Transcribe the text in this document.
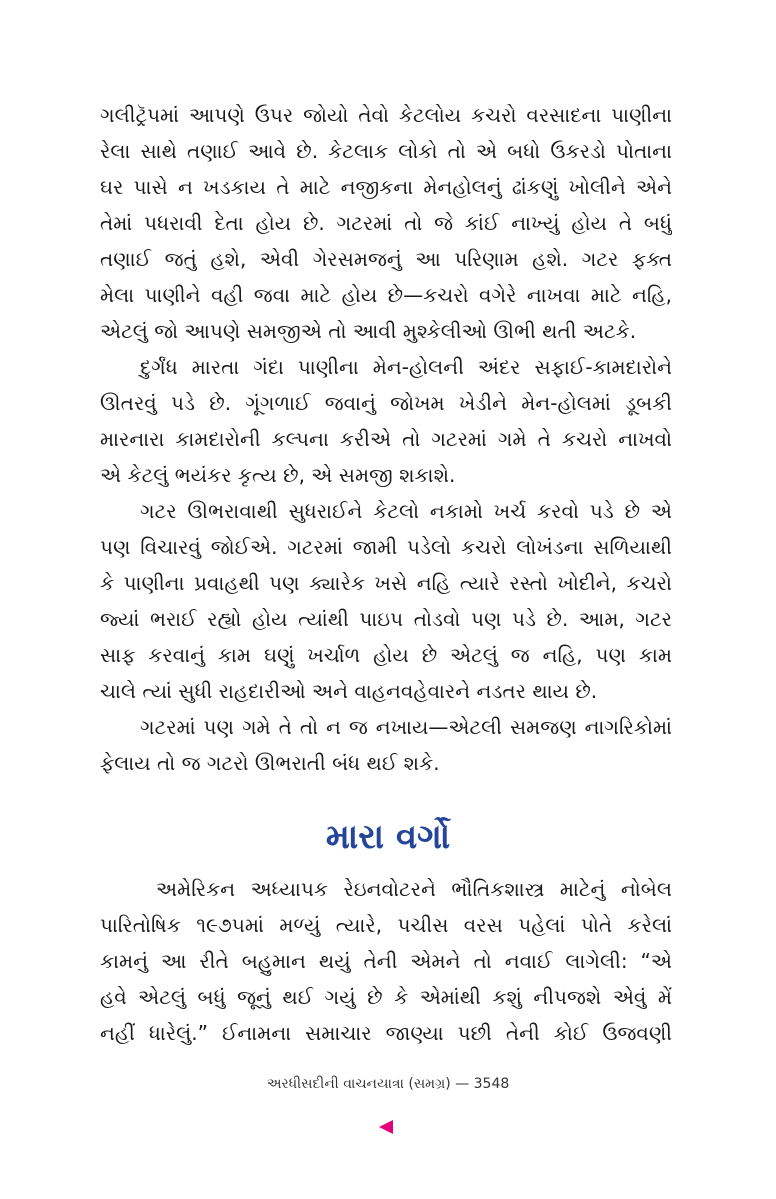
ગલીટ્રૅપમાં આપણે ઉપર જોયો તેવો કેટલોય કચરો વરસાદના પાણીના
રેલા સાથે તણાઈ આવે છે. કેટલાક લોકો તો એ બધો ઉકરડો પોતાના
ઘર પાસે ન ખડકાય તે માટે નજીકના મેનહોલનું ઢાંકણું ખોલીને એને
તેમાં પધરાવી દેતા હોય છે. ગટરમાં તો જે કાંઈ નાખ્યું હોય તે બધું
તણાઈ જતું હશે, એવી ગેરસમજનું આ પરિણામ હશે. ગટર ફક્ત
મેલા પાણીને વહી જવા માટે હોય છે—કચરો વગેરે નાખવા માટે નહિ,
એટલું જો આપણે સમજીએ તો આવી મુશ્કેલીઓ ઊભી થતી અટકે.
દુર્ગંધ મારતા ગંદા પાણીના મેન-હોલની અંદર સફાઈ-કામદારોને
ઊતરવું પડે છે. ગૂંગળાઈ જવાનું જોખમ ખેડીને મેન-હોલમાં ડૂબકી
મારનારા કામદારોની કલ્પના કરીએ તો ગટરમાં ગમે તે કચરો નાખવો
એ કેટલું ભયંકર કૃત્ય છે, એ સમજી શકાશે.
ગટર ઊભરાવાથી સુધરાઈને કેટલો નકામો ખર્ચ કરવો પડે છે એ
પણ વિચારવું જોઈએ. ગટરમાં જામી પડેલો કચરો લોખંડના સળિયાથી
કે પાણીના પ્રવાહથી પણ ક્યારેક ખસે નહિ ત્યારે રસ્તો ખોદીને, કચરો
જ્યાં ભરાઈ રહ્યો હોય ત્યાંથી પાઇપ તોડવો પણ પડે છે. આમ, ગટર
સાફ કરવાનું કામ ઘણું ખર્ચાળ હોય છે એટલું જ નહિ, પણ કામ
ચાલે ત્યાં સુધી રાહદારીઓ અને વાહનવહેવારને નડતર થાય છે.
ગટરમાં પણ ગમે તે તો ન જ નખાય—એટલી સમજણ નાગરિકોમાં
ફેલાય તો જ ગટરો ઊભરાતી બંધ થઈ શકે.
મારા વર્ગો
અમેરિકન અધ્યાપક રેઇનવોટરને ભૌતિકશાસ્ત્ર માટેનું નોબેલ
પારિતોષિક ૧૯૭૫માં મળ્યું ત્યારે, પચીસ વરસ પહેલાં પોતે કરેલાં
કામનું આ રીતે બહુમાન થયું તેની એમને તો નવાઈ લાગેલી: “એ
હવે એટલું બધું જૂનું થઈ ગયું છે કે એમાંથી કશું નીપજશે એવું મેં
નહીં ધારેલું.” ઈનામના સમાચાર જાણ્યા પછી તેની કોઈ ઉજવણી
અરધીસદીની વાચનયાત્રા (સમગ્ર) — 3548
